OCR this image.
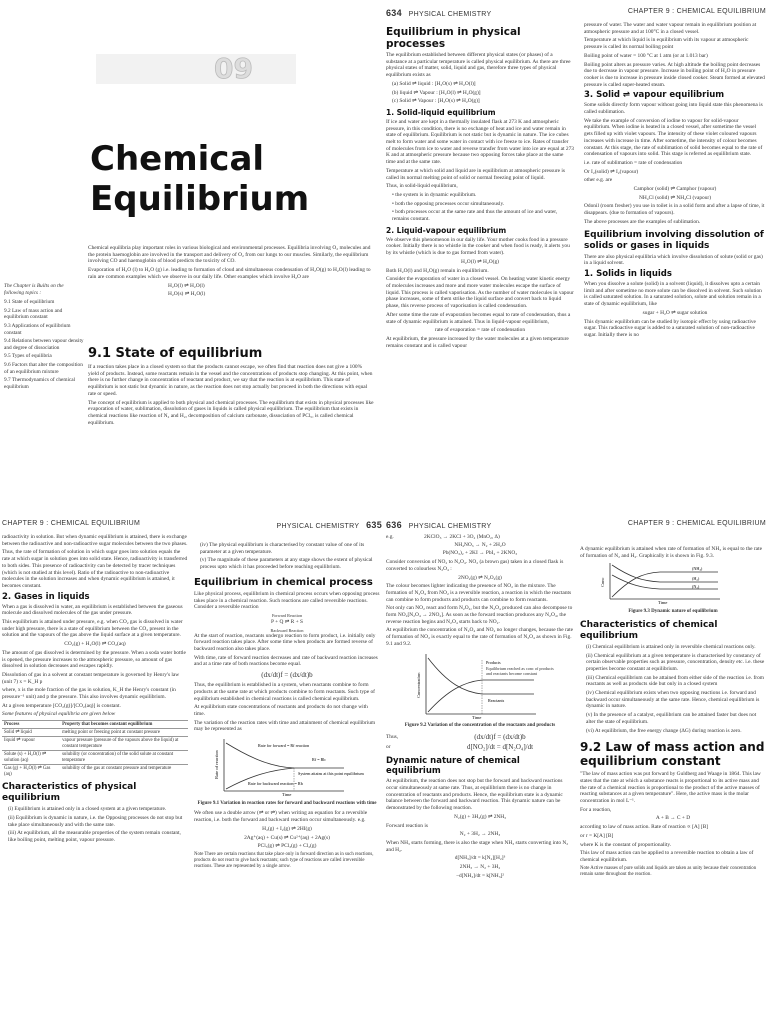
09
Chemical
Equilibrium

Chemical equilibria play important roles in various biological and environmental processes. Equilibria involving O₂ molecules and the protein haemoglobin are involved in the transport and delivery of O₂ from our lungs to our muscles. Similarly, the equilibrium involving CO and haemoglobin of blood predicts the toxicity of CO.

Evaporation of H₂O (l) to H₂O (g) i.e. leading to formation of cloud and simultaneous condensation of H₂O(g) to H₂O(l) leading to rain are common examples which we observe in our daily life. Other examples which involve H₂O are

H₂O(l) ⇌ H₂O(l)
H₂O(s) ⇌ H₂O(l)

The Chapter is Builts on the following topics :

9.1 State of equilibrium
9.2 Law of mass action and equilibrium constant
9.3 Applications of equilibrium constant
9.4 Relations between vapour density and degree of dissociation
9.5 Types of equilibria
9.6 Factors that alter the composition of an equilibrium mixture
9.7 Thermodynamics of chemical equilibrium
9.1 State of equilibrium

If a reaction takes place in a closed system so that the products cannot escape, we often find that reaction does not give a 100% yield of products. Instead, some reactants remain in the vessel and the concentrations of products stop changing. At this point, when there is no further change in concentration of reactant and product, we say that the reaction is at equilibrium. This state of equilibrium is not static but dynamic in nature, as the reaction does not stop actually but proceed in both the directions with equal rate or speed.

The concept of equilibrium is applied to both physical and chemical processes. The equilibrium that exists in physical processes like evaporation of water, sublimation, dissolution of gases in liquids is called physical equilibrium. The equilibrium that exists in chemical reactions like reaction of N₂ and H₂, decomposition of calcium carbonate, dissociation of PCl₅, is called chemical equilibrium.

634 PHYSICAL CHEMISTRY	CHAPTER 9 : CHEMICAL EQUILIBRIUM
Equilibrium in physical processes

The equilibrium established between different physical states (or phases) of a substance at a particular temperature is called physical equilibrium. As there are three physical states of matter, solid, liquid and gas, therefore three types of physical equilibrium exists as

(a) Solid ⇌ liquid : [H₂O(s) ⇌ H₂O(l)]
(b) liquid ⇌ Vapour : [H₂O(l) ⇌ H₂O(g)]
(c) Solid ⇌ Vapour : [H₂O(s) ⇌ H₂O(g)]
1. Solid-liquid equilibrium

If ice and water are kept in a thermally insulated flask at 273 K and atmospheric pressure, in this condition, there is no exchange of heat and ice and water remain in state of equilibrium. Equilibrium is not static but is dynamic in nature. The ice cubes melt to form water and some water in contact with ice freeze to ice. Rates of transfer of molecules from ice to water and reverse transfer from water into ice are equal at 273 K and at atmospheric pressure because two opposing forces take place at the same time and at the same rate.

Temperature at which solid and liquid are in equilibrium at atmospheric pressure is called its normal melting point of solid or normal freezing point of liquid.

Thus, in solid-liquid equilibrium,

• the system is in dynamic equilibrium.
• both the opposing processes occur simultaneously.
• both processes occur at the same rate and thus the amount of ice and water, remains constant.
2. Liquid-vapour equilibrium

We observe this phenomenon in our daily life. Your mother cooks food in a pressure cooker. Initially there is no whistle in the cooker and when food is ready, it alerts you by its whistle (which is due to gas formed from water).

H₂O(l) ⇌ H₂O(g)

Both H₂O(l) and H₂O(g) remain in equilibrium.

Consider the evaporation of water in a closed vessel. On heating water kinetic energy of molecules increases and more and more water molecules escape the surface of liquid. This process is called vaporisation. As the number of water molecules in vapour phase increases, some of them strike the liquid surface and convert back to liquid phase, this reverse process of vaporisation is called condensation.

After some time the rate of evaporation becomes equal to rate of condensation, thus a state of dynamic equilibrium is attained. Thus in liquid-vapour equilibrium,

rate of evaporation = rate of condensation

At equilibrium, the pressure increased by the water molecules at a given temperature remains constant and is called vapour

pressure of water. The water and water vapour remain in equilibrium position at atmospheric pressure and at 100°C in a closed vessel.

Temperature at which liquid is in equilibrium with its vapour at atmospheric pressure is called its normal boiling point

Boiling point of water = 100 °C at 1 atm (or at 1.013 bar)

Boiling point alters as pressure varies. At high altitude the boiling point decreases due to decrease in vapour pressure. Increase in boiling point of H₂O in pressure cooker is due to increase in pressure inside closed cooker. Steam formed at elevated pressure is called super-heated steam.

3. Solid ⇌ vapour equilibrium

Some solids directly form vapour without going into liquid state this phenomena is called sublimation.

We take the example of conversion of iodine to vapour for solid-vapour equilibrium. When iodine is heated in a closed vessel, after sometime the vessel gets filled up with violet vapours. The intensity of these violet coloured vapours increases with increase in time. After sometime, the intensity of colour becomes constant. At this stage, the rate of sublimation of solid becomes equal to the rate of condensation of vapours into solid. This stage is referred as equilibrium state.

i.e. rate of sublimation = rate of condensation

Or I₂(solid) ⇌ I₂(vapour)

other e.g. are

Camphor (solid) ⇌ Camphor (vapour)
NH₄Cl (solid) ⇌ NH₄Cl (vapour)

Odonil (room fresher) you use in toilet is in a solid form and after a lapse of time, it disappears. (due to formation of vapours).

The above processes are the examples of sublimation.

Equilibrium involving dissolution of solids or gases in liquids

There are also physical equilibria which involve dissolution of solute (solid or gas) in a liquid solvent.

1. Solids in liquids

When you dissolve a solute (solid) in a solvent (liquid), it dissolves upto a certain limit and after sometime no more solute can be dissolved in solvent. Such solution is called saturated solution. In a saturated solution, solute and solution remain in a state of dynamic equilibrium, like

sugar + H₂O ⇌ sugar solution

This dynamic equilibrium can be studied by isotopic effect by using radioactive sugar. This radioactive sugar is added to a saturated solution of non-radioactive sugar. Initially there is no

CHAPTER 9 : CHEMICAL EQUILIBRIUM	PHYSICAL CHEMISTRY 635

radioactivity in solution. But when dynamic equilibrium is attained, there is exchange between the radioactive and non-radioactive sugar molecules between the two phases.

Thus, the rate of formation of solution in which sugar goes into solution equals the rate at which sugar in solution goes into solid state. Hence, radioactivity is transferred to both sides. This presence of radioactivity can be detected by tracer techniques (which is not studied at this level). Ratio of the radioactive to non-radioactive molecules in the solution increases and when dynamic equilibrium is attained, it becomes constant.

2. Gases in liquids

When a gas is dissolved in water, an equilibrium is established between the gaseous molecule and dissolved molecules of the gas under pressure.

This equilibrium is attained under pressure, e.g. when CO₂ gas is dissolved in water under high pressure, there is a state of equilibrium between the CO₂ present in the solution and the vapours of the gas above the liquid surface at a given temperature.

CO₂(g) + H₂O(l) ⇌ CO₂(aq)

The amount of gas dissolved is determined by the pressure. When a soda water bottle is opened, the pressure increases to the atmospheric pressure, so amount of gas dissolved in solution decreases and escapes rapidly.

Dissolution of gas in a solvent at constant temperature is governed by Henry's law (unit 7) x = K_H p

where, x is the mole fraction of the gas in solution, K_H the Henry's constant (in pressure⁻¹ unit) and p the pressure. This also involves dynamic equilibrium.

At a given temperature [CO₂(g)]/[CO₂(aq)] is constant.

Some features of physical equilibria are given below

Process	Property that becomes constant equilibrium
Solid ⇌ liquid	melting point or freezing point at constant pressure
liquid ⇌ vapour	vapour pressure (pressure of the vapours above the liquid) at constant temperature
Solute (s) + H₂O(l) ⇌ solution (aq)	solubility (or concentration) of the solid solute at constant temperature
Gas (g) + H₂O(l) ⇌ Gas (aq)	solubility of the gas at constant pressure and temperature
Characteristics of physical equilibrium
(i) Equilibrium is attained only in a closed system at a given temperature.
(ii) Equilibrium is dynamic in nature, i.e. the Opposing processes do not stop but take place simultaneously and with the same rate.
(iii) At equilibrium, all the measurable properties of the system remain constant, like boiling point, melting point, vapour pressure.
(iv) The physical equilibrium is characterised by constant value of one of its parameter at a given temperature.
(v) The magnitude of these parameters at any stage shows the extent of physical process upto which it has proceeded before reaching equilibrium.
Equilibrium in chemical process

Like physical process, equilibrium in chemical process occurs when opposing process takes place in a chemical reaction. Such reactions are called reversible reactions. Consider a reversible reaction

Forward Reaction
P + Q ⇌ R + S
Backward Reaction

At the start of reaction, reactants undergo reaction to form product, i.e. initially only forward reaction takes place. After some time when products are formed reverse of backward reaction also takes place.

With time, rate of forward reaction decreases and rate of backward reaction increases and at a time rate of both reactions become equal.

(dx/dt)f = (dx/dt)b

Thus, the equilibrium is established in a system, when reactants combine to form products at the same rate at which products combine to form reactants. Such type of equilibrium established in chemical reactions is called chemical equilibrium.

At equilibrium state concentrations of reactants and products do not change with time.

The variation of the reaction rates with time and attainment of chemical equilibrium may be represented as

Rate of reaction
Time
Rate for forward = Rf reaction
Rf = Rb
System attains at this point equilibrium
Rate for backward reaction = Rb
Figure 9.1 Variation in reaction rates for forward and backward reactions with time

We often use a double arrow (⇌ or ⇌) when writing an equation for a reversible reaction, i.e. both the forward and backward reaction occur simultaneously. e.g.

H₂(g) + I₂(g) ⇌ 2HI(g)
2Ag⁺(aq) + Cu(s) ⇌ Cu²⁺(aq) + 2Ag(s)
PCl₅(g) ⇌ PCl₃(g) + Cl₂(g)

Note There are certain reactions that take place only in forward direction as in such reactions, products do not react to give back reactants; such type of reactions are called irreversible reactions. These are represented by a single arrow.

636 PHYSICAL CHEMISTRY	CHAPTER 9 : CHEMICAL EQUILIBRIUM
e.g.	2KClO₃ → 2KCl + 3O₂ (MnO₂, Δ)
NH₄NO₃ → N₂ + 2H₂O
Pb(NO₃)₂ + 2KI → PbI₂ + 2KNO₃

Consider conversion of NO₂ to N₂O₄. NO₂ (a brown gas) taken in a closed flask is converted to colourless N₂O₄ :

2NO₂(g) ⇌ N₂O₄(g)

The colour becomes lighter indicating the presence of NO₂ in the mixture. The formation of N₂O₄ from NO₂ is a reversible reaction, a reaction in which the reactants can combine to form products and products can combine to form reactants.

Not only can NO₂ react and form N₂O₄, but the N₂O₄ produced can also decompose to form NO₂[N₂O₄ → 2NO₂]. As soon as the forward reaction produces any N₂O₄, the reverse reaction begins and N₂O₄ starts back to NO₂.

At equilibrium the concentration of N₂O₄ and NO₂ no longer changes, because the rate of formation of NO₂ is exactly equal to the rate of formation of N₂O₄ as shown in Fig. 9.1 and 9.2.

Concentration
Time
Products
Equilibrium reached as conc of products and reactants become constant
Reactants
Figure 9.2 Variation of the concentration of the reactants and products
Thus,	(dx/dt)f = (dx/dt)b
or	d[NO₂]/dt = d[N₂O₄]/dt
Dynamic nature of chemical equilibrium

At equilibrium, the reaction does not stop but the forward and backward reactions occur simultaneously at same rate. Thus, at equilibrium there is no change in concentration of reactants and products. Hence, the equilibrium state is a dynamic balance between the forward and backward reaction. This dynamic nature can be demonstrated by the following reaction.

N₂(g) + 3H₂(g) ⇌ 2NH₃

Forward reaction is

N₂ + 3H₂ → 2NH₃

When NH₃ starts forming, there is also the stage when NH₃ starts converting into N₂ and H₂.

d[NH₃]/dt = k[N₂][H₂]³
2NH₃ → N₂ + 3H₂
−d[NH₃]/dt = k[NH₃]²

A dynamic equilibrium is attained when rate of formation of NH₃ is equal to the rate of formation of N₂ and H₂. Graphically it is shown in Fig. 9.3.

Conc
Time
(NH₃)
(H₂)
(N₂)
Figure 9.3 Dynamic nature of equilibrium
Characteristics of chemical equilibrium
(i) Chemical equilibrium is attained only in reversible chemical reactions only.
(ii) Chemical equilibrium at a given temperature is characterised by constancy of certain observable properties such as pressure, concentration, density etc. i.e. these properties become constant at equilibrium.
(iii) Chemical equilibrium can be attained from either side of the reaction i.e. from reactants as well as products side but only in a closed system
(iv) Chemical equilibrium exists when two opposing reactions i.e. forward and backward occur simultaneously at the same rate. Hence, chemical equilibrium is dynamic in nature.
(v) In the presence of a catalyst, equilibrium can be attained faster but does not alter the state of equilibrium.
(vi) At equilibrium, the free energy change (ΔG) during reaction is zero.
9.2 Law of mass action and equilibrium constant

"The law of mass action was put forward by Guldberg and Waage in 1864. This law states that the rate at which a substance reacts is proportional to its active mass and the rate of a chemical reaction is proportional to the product of the active masses of reacting substances at a given temperature". Here, the active mass is the molar concentration in mol L⁻¹.

For a reaction,

A + B → C + D

according to law of mass action. Rate of reaction ∝ [A] [B]

or r = K[A] [B]

where K is the constant of proportionality.

This law of mass action can be applied to a reversible reaction to obtain a law of chemical equilibrium.

Note Active masses of pure solids and liquids are taken as unity because their concentration remain same throughout the reaction.
